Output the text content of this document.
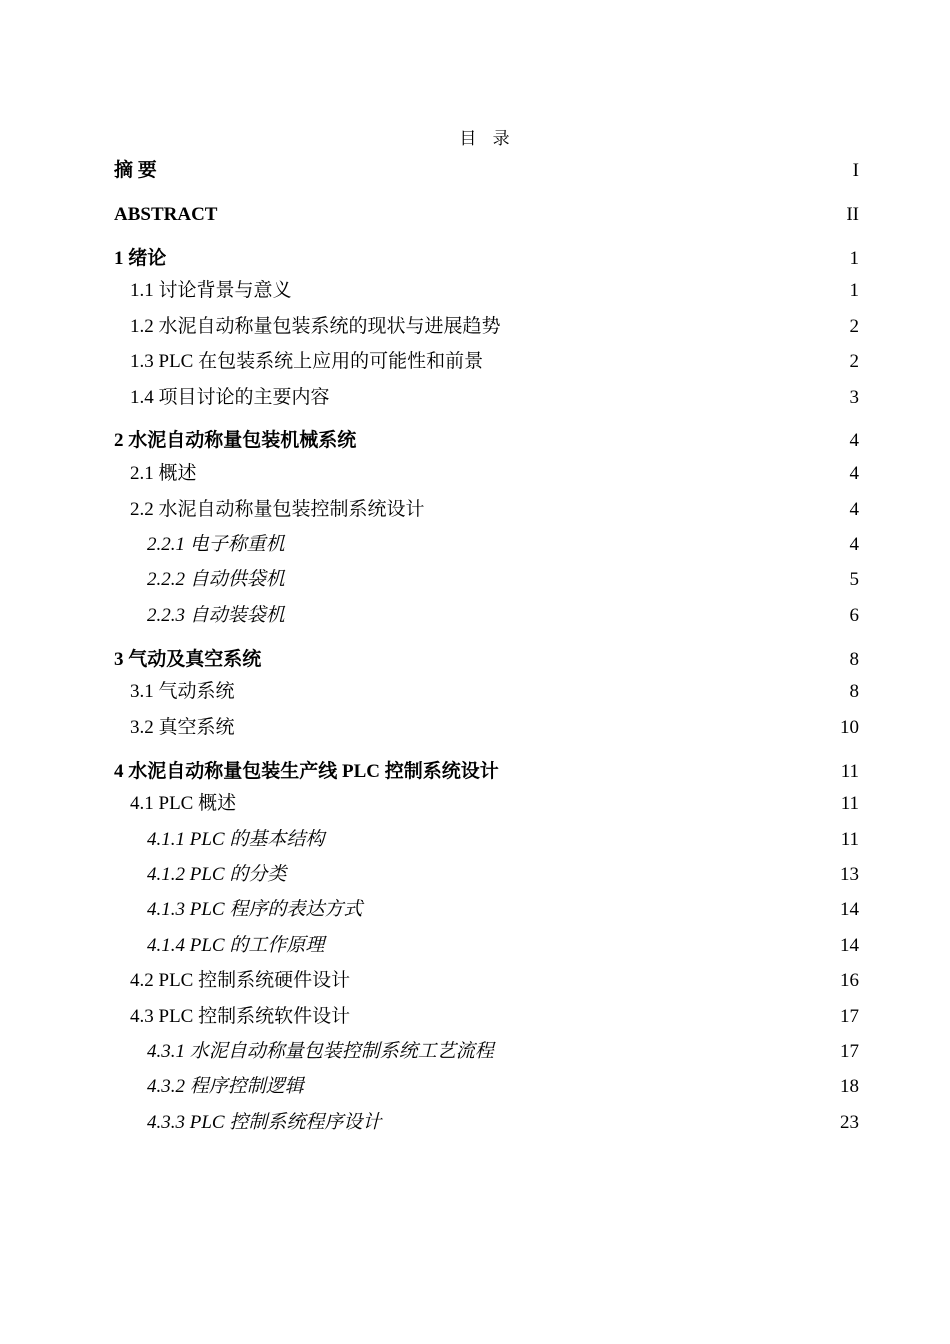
目 录
摘 要	I
ABSTRACT	II
1 绪论	1
1.1 讨论背景与意义	1
1.2 水泥自动称量包装系统的现状与进展趋势	2
1.3 PLC 在包装系统上应用的可能性和前景	2
1.4 项目讨论的主要内容	3
2 水泥自动称量包装机械系统	4
2.1 概述	4
2.2 水泥自动称量包装控制系统设计	4
2.2.1 电子称重机	4
2.2.2 自动供袋机	5
2.2.3 自动装袋机	6
3 气动及真空系统	8
3.1 气动系统	8
3.2 真空系统	10
4 水泥自动称量包装生产线 PLC 控制系统设计	11
4.1 PLC 概述	11
4.1.1 PLC 的基本结构	11
4.1.2 PLC 的分类	13
4.1.3 PLC 程序的表达方式	14
4.1.4 PLC 的工作原理	14
4.2 PLC 控制系统硬件设计	16
4.3 PLC 控制系统软件设计	17
4.3.1 水泥自动称量包装控制系统工艺流程	17
4.3.2 程序控制逻辑	18
4.3.3 PLC 控制系统程序设计	23
